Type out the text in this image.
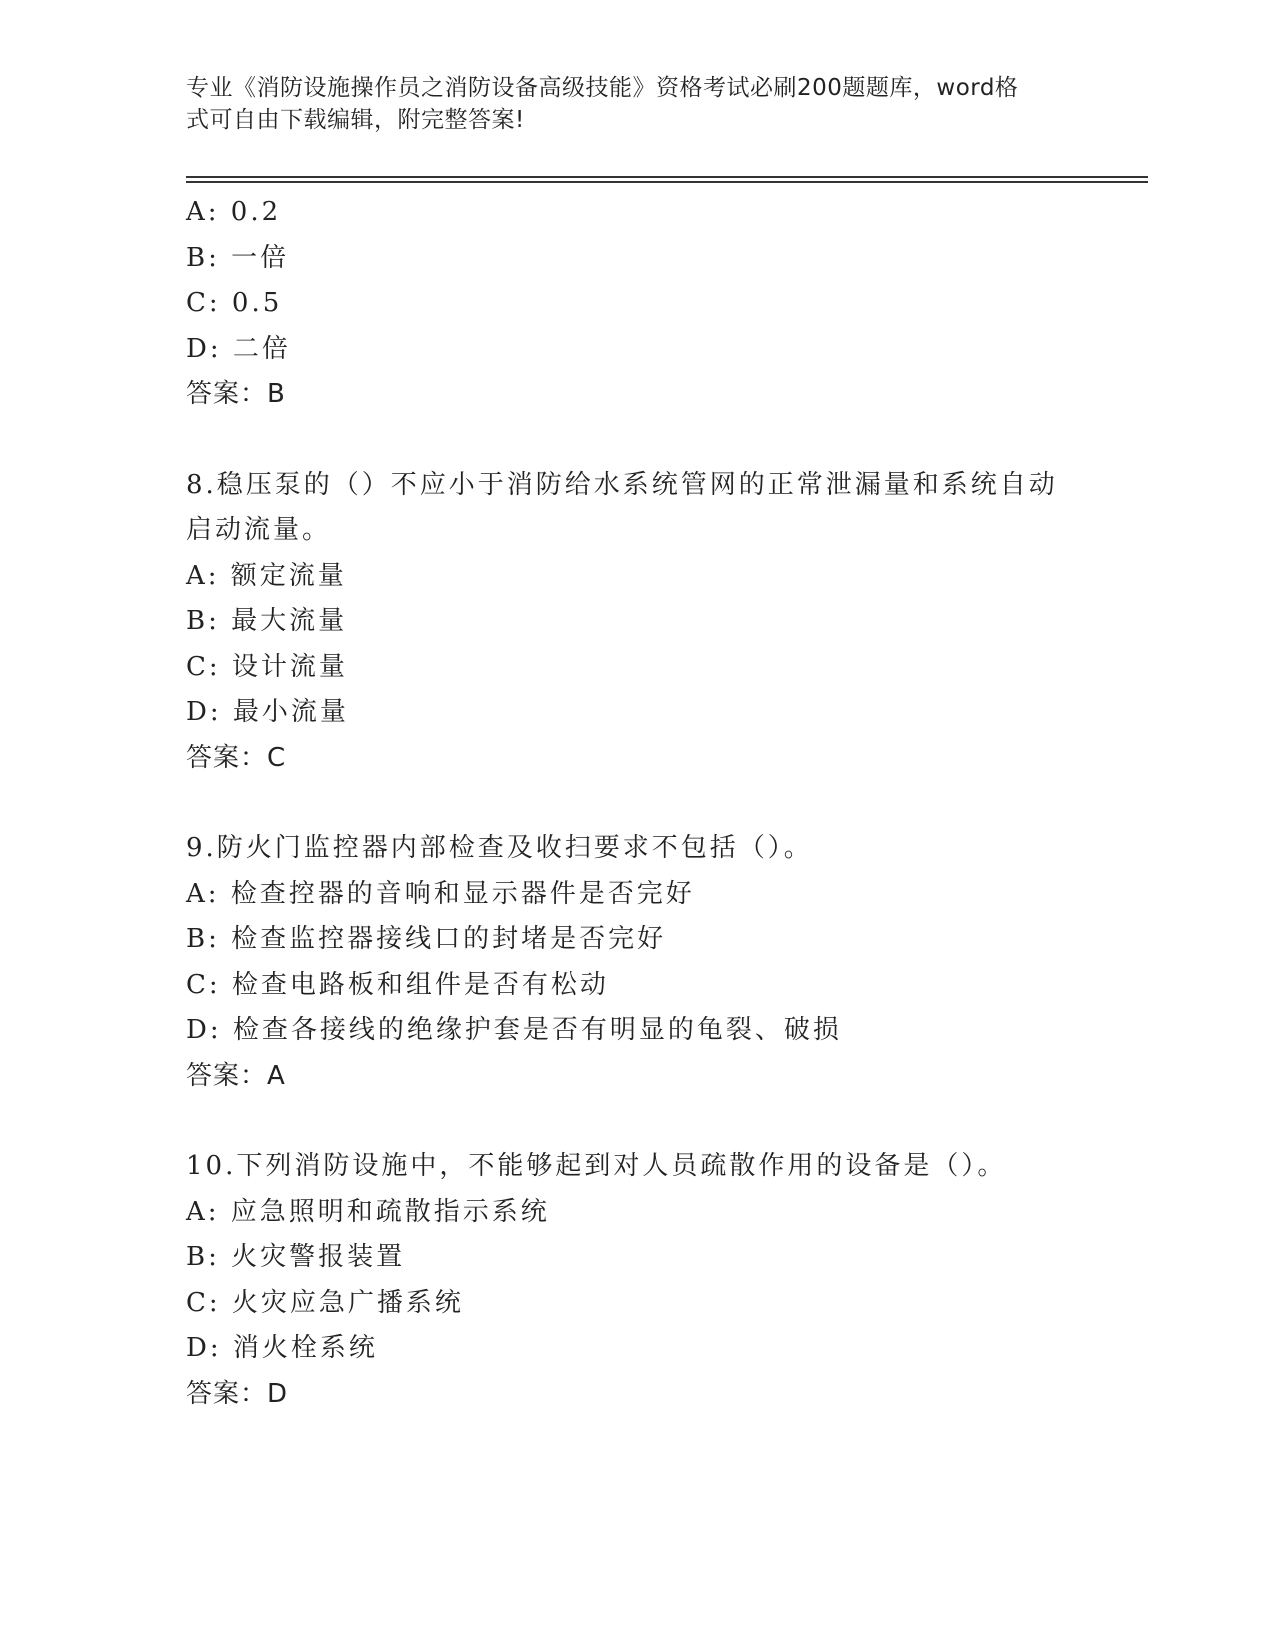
专业《消防设施操作员之消防设备高级技能》资格考试必刷200题题库，word格
式可自由下载编辑，附完整答案!
A: 0.2
B: 一倍
C: 0.5
D: 二倍
答案：B
8.稳压泵的（）不应小于消防给水系统管网的正常泄漏量和系统自动
启动流量。
A: 额定流量
B: 最大流量
C: 设计流量
D: 最小流量
答案：C
9.防火门监控器内部检查及收扫要求不包括（）。
A: 检查控器的音响和显示器件是否完好
B: 检查监控器接线口的封堵是否完好
C: 检查电路板和组件是否有松动
D: 检查各接线的绝缘护套是否有明显的龟裂、破损
答案：A
10.下列消防设施中，不能够起到对人员疏散作用的设备是（）。
A: 应急照明和疏散指示系统
B: 火灾警报装置
C: 火灾应急广播系统
D: 消火栓系统
答案：D
